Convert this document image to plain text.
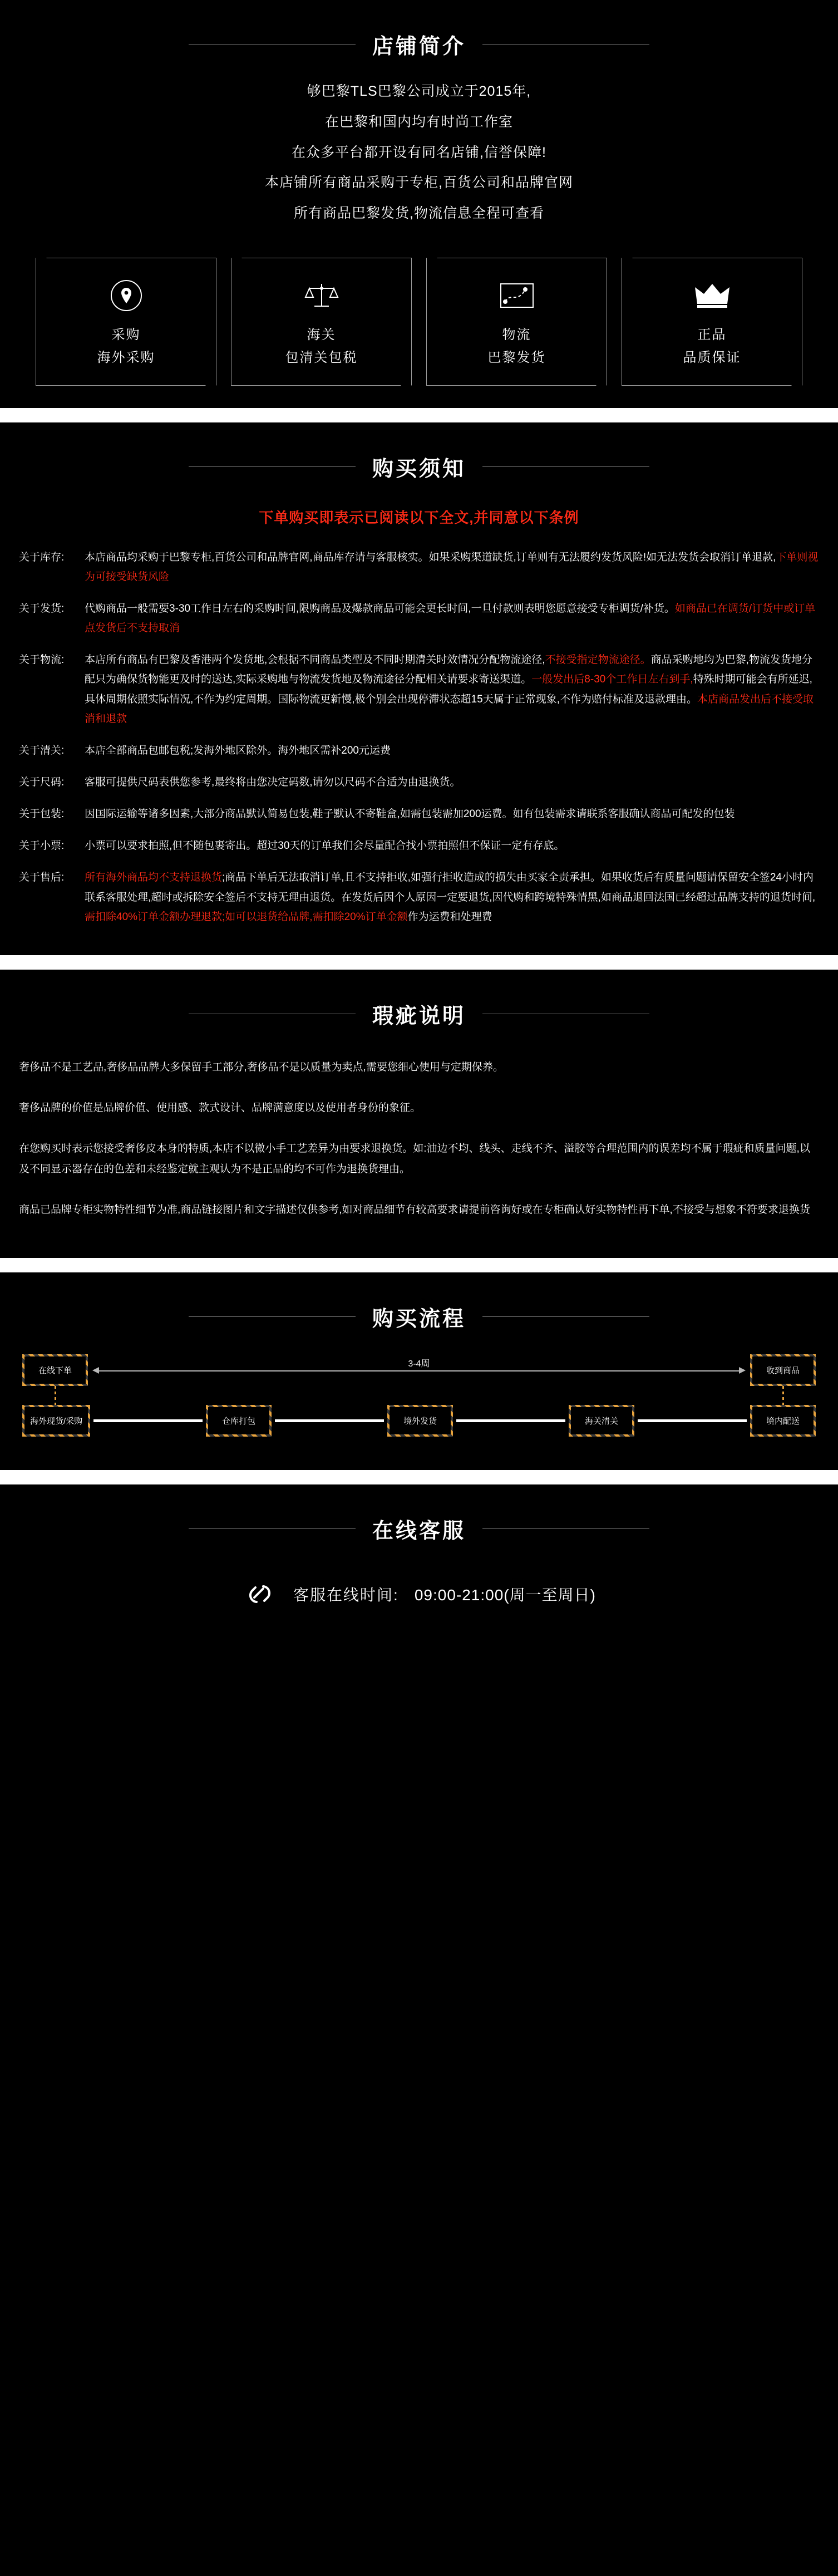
店铺简介
够巴黎TLS巴黎公司成立于2015年,
在巴黎和国内均有时尚工作室
在众多平台都开设有同名店铺,信誉保障!
本店铺所有商品采购于专柜,百货公司和品牌官网
所有商品巴黎发货,物流信息全程可查看
采购
海外采购
海关
包清关包税
物流
巴黎发货
正品
品质保证
购买须知
下单购买即表示已阅读以下全文,并同意以下条例
关于库存:	本店商品均采购于巴黎专柜,百货公司和品牌官网,商品库存请与客服核实。如果采购渠道缺货,订单则有无法履约发货风险!如无法发货会取消订单退款,下单则视为可接受缺货风险
关于发货:	代购商品一般需要3-30工作日左右的采购时间,限购商品及爆款商品可能会更长时间,一旦付款则表明您愿意接受专柜调货/补货。如商品已在调货/订货中或订单点发货后不支持取消
关于物流:	本店所有商品有巴黎及香港两个发货地,会根据不同商品类型及不同时期清关时效情况分配物流途径,不接受指定物流途径。商品采购地均为巴黎,物流发货地分配只为确保货物能更及时的送达,实际采购地与物流发货地及物流途径分配相关请要求寄送渠道。一般发出后8-30个工作日左右到手,特殊时期可能会有所延迟,具体周期依照实际情况,不作为约定周期。国际物流更新慢,极个别会出现停滞状态超15天属于正常现象,不作为赔付标准及退款理由。本店商品发出后不接受取消和退款
关于清关:	本店全部商品包邮包税;发海外地区除外。海外地区需补200元运费
关于尺码:	客服可提供尺码表供您参考,最终将由您决定码数,请勿以尺码不合适为由退换货。
关于包装:	因国际运输等诸多因素,大部分商品默认简易包装,鞋子默认不寄鞋盒,如需包装需加200运费。如有包装需求请联系客服确认商品可配发的包装
关于小票:	小票可以要求拍照,但不随包裹寄出。超过30天的订单我们会尽量配合找小票拍照但不保证一定有存底。
关于售后:	所有海外商品均不支持退换货;商品下单后无法取消订单,且不支持拒收,如强行拒收造成的损失由买家全责承担。如果收货后有质量问题请保留安全签24小时内联系客服处理,超时或拆除安全签后不支持无理由退货。在发货后因个人原因一定要退货,因代购和跨境特殊情黑,如商品退回法国已经超过品牌支持的退货时间,需扣除40%订单金额办理退款;如可以退货给品牌,需扣除20%订单金额作为运费和处理费
瑕疵说明

奢侈品不是工艺品,奢侈品品牌大多保留手工部分,奢侈品不是以质量为卖点,需要您细心使用与定期保养。

奢侈品牌的价值是品牌价值、使用感、款式设计、品牌满意度以及使用者身份的象征。

在您购买时表示您接受奢侈皮本身的特质,本店不以微小手工艺差异为由要求退换货。如:油边不均、线头、走线不齐、溢胶等合理范围内的误差均不属于瑕疵和质量问题,以及不同显示器存在的色差和未经鉴定就主观认为不是正品的均不可作为退换货理由。

商品已品牌专柜实物特性细节为准,商品链接图片和文字描述仅供参考,如对商品细节有较高要求请提前咨询好或在专柜确认好实物特性再下单,不接受与想象不符要求退换货

购买流程
在线下单
3-4周
收到商品
海外现货/采购	仓库打包	境外发货	海关清关	境内配送
在线客服
客服在线时间: 09:00-21:00(周一至周日)
